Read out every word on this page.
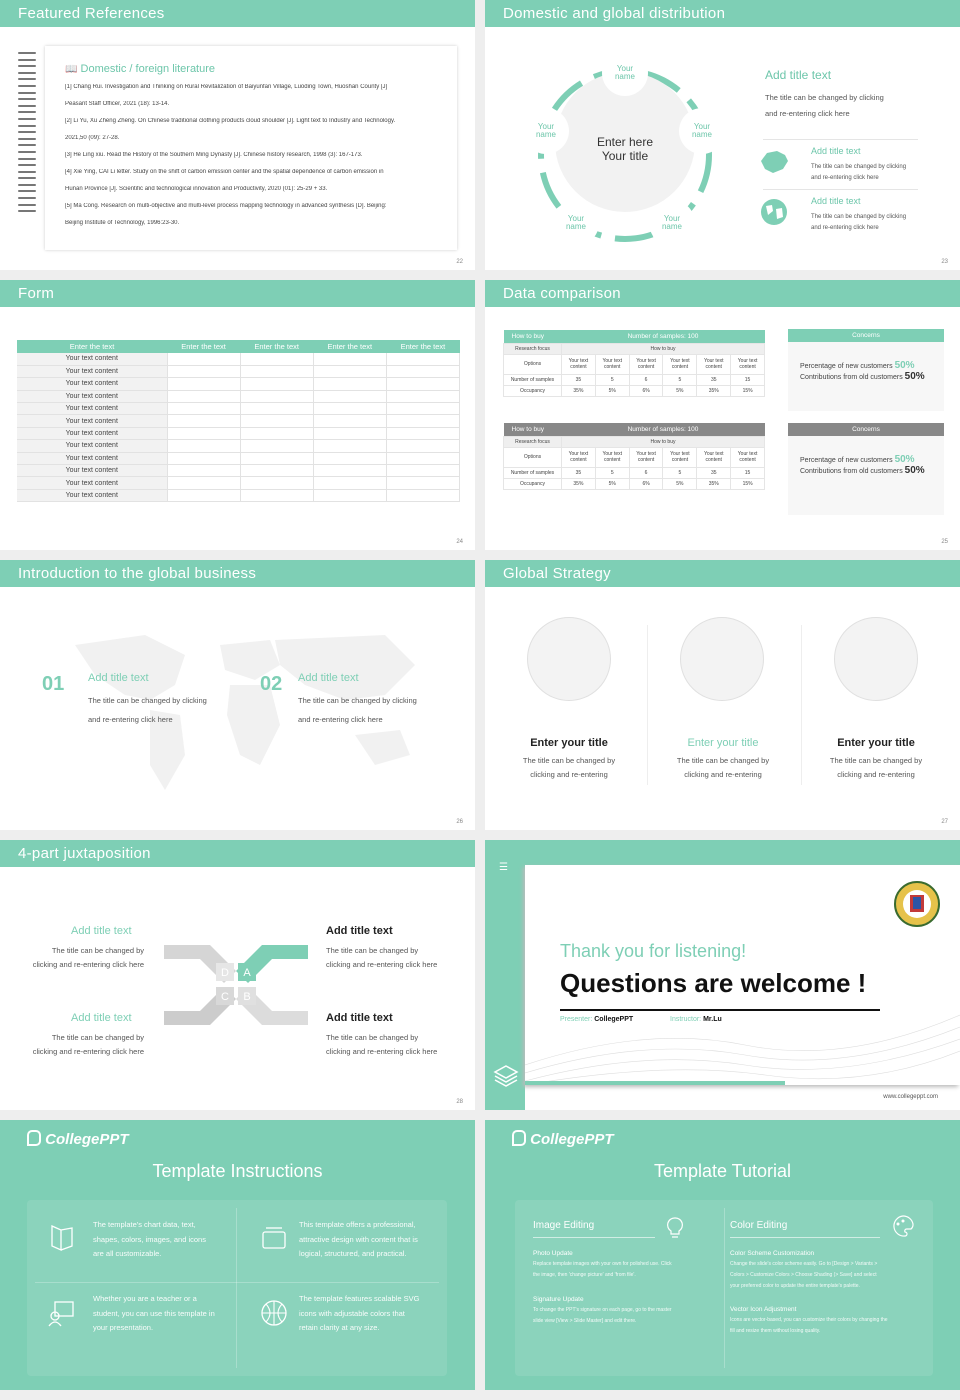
Featured References
📖 Domestic / foreign literature
[1] Chang Rui. Investigation and Thinking on Rural Revitalization of Baiyunfan Village, Luoding Town, Huoshan County [J]
Peasant Staff Officer, 2021 (18): 13-14.
[2] Li Yu, Xu Zheng Zheng. On Chinese traditional clothing products cloud shoulder [J]. Light text to Industry and Technology.
2021,50 (09): 27-28.
[3] He Ling xiu. Read the History of the Southern Ming Dynasty [J]. Chinese history research, 1998 (3): 167-173.
[4] Xie Ying, CAI Li letter. Study on the shift of carbon emission center and the spatial dependence of carbon emission in
Hunan Province [J]. Scientific and technological innovation and Productivity, 2020 (01): 25-29 + 33.
[5] Ma Cong. Research on multi-objective and multi-level process mapping technology in advanced synthesis [D]. Beijing:
Beijing Institute of Technology, 1996:23-30.
22
Domestic and global distribution
Enter here
Your title
Your
name
Your
name
Your
name
Your
name
Your
name
Add title text
The title can be changed by clicking
and re-entering click here
Add title text
The title can be changed by clicking
and re-entering click here
Add title text
The title can be changed by clicking
and re-entering click here
23
Form
Enter the text	Enter the text	Enter the text	Enter the text	Enter the text
Your text content				
Your text content				
Your text content				
Your text content				
Your text content				
Your text content				
Your text content				
Your text content				
Your text content				
Your text content				
Your text content				
Your text content				
24
Data comparison
How to buy	Number of samples: 100					
Research focus	How to buy					
Options	Your text content	Your text content	Your text content	Your text content	Your text content	Your text content
Number of samples	35	5	6	5	35	15
Occupancy	35%	5%	6%	5%	35%	15%
How to buy	Number of samples: 100					
Research focus	How to buy					
Options	Your text content	Your text content	Your text content	Your text content	Your text content	Your text content
Number of samples	35	5	6	5	35	15
Occupancy	35%	5%	6%	5%	35%	15%
Concerns

Percentage of new customers 50%

Contributions from old customers 50%

Concerns

Percentage of new customers 50%

Contributions from old customers 50%

25
Introduction to the global business
01 Add title text
The title can be changed by clicking
and re-entering click here
02 Add title text
The title can be changed by clicking
and re-entering click here
26
Global Strategy
Enter your title
The title can be changed by
clicking and re-entering
Enter your title
The title can be changed by
clicking and re-entering
Enter your title
The title can be changed by
clicking and re-entering
27
4-part juxtaposition
Add title text
The title can be changed by
clicking and re-entering click here
Add title text
The title can be changed by
clicking and re-entering click here
Add title text
The title can be changed by
clicking and re-entering click here
Add title text
The title can be changed by
clicking and re-entering click here
D A
C B
28
☰
Thank you for listening!
Questions are welcome !
Presenter: CollegePPT	Instructor: Mr.Lu
www.collegeppt.com
CollegePPT
Template Instructions
The template's chart data, text,
shapes, colors, images, and icons
are all customizable.
This template offers a professional,
attractive design with content that is
logical, structured, and practical.
Whether you are a teacher or a
student, you can use this template in
your presentation.
The template features scalable SVG
icons with adjustable colors that
retain clarity at any size.
CollegePPT
Template Tutorial
Image Editing
Photo Update
Replace template images with your own for polished use. Click
the image, then 'change picture' and 'from file'.
Signature Update
To change the PPT's signature on each page, go to the master
slide view [View > Slide Master] and edit there.
Color Editing
Color Scheme Customization
Change the slide's color scheme easily. Go to [Design > Variants >
Colors > Customize Colors > Choose Shading (> Save] and select
your preferred color to update the entire template's palette.
Vector Icon Adjustment
Icons are vector-based, you can customize their colors by changing the
fill and resize them without losing quality.
